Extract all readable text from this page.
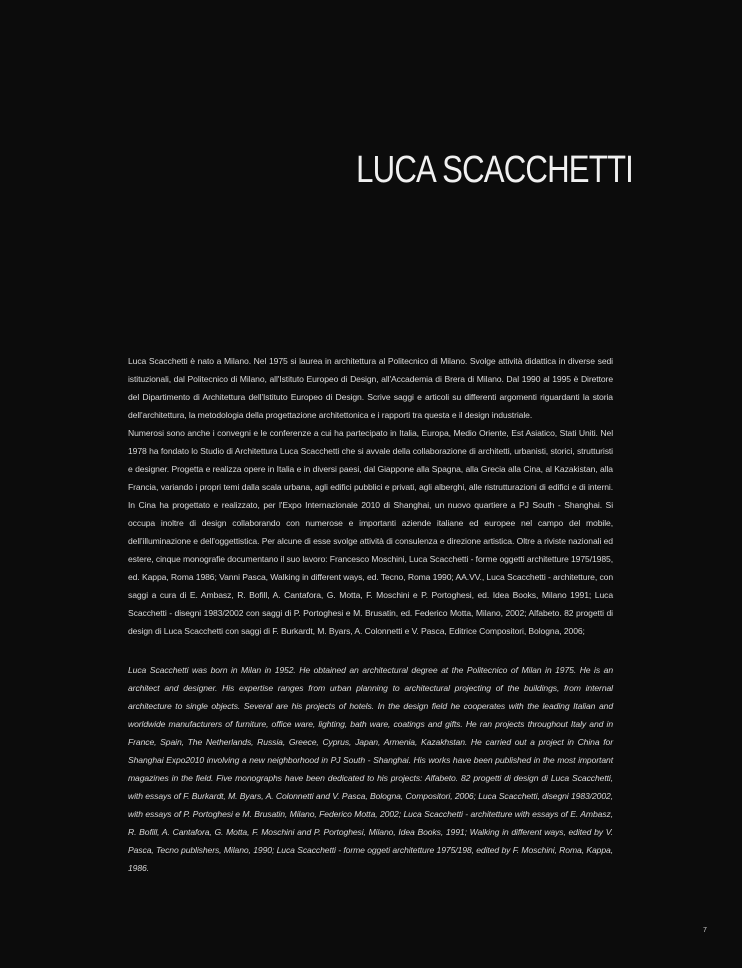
LUCA SCACCHETTI

Luca Scacchetti è nato a Milano. Nel 1975 si laurea in architettura al Politecnico di Milano. Svolge attività didattica in diverse sedi istituzionali, dal Politecnico di Milano, all'Istituto Europeo di Design, all'Accademia di Brera di Milano. Dal 1990 al 1995 è Direttore del Dipartimento di Architettura dell'Istituto Europeo di Design. Scrive saggi e articoli su differenti argomenti riguardanti la storia dell'architettura, la metodologia della progettazione architettonica e i rapporti tra questa e il design industriale.

Numerosi sono anche i convegni e le conferenze a cui ha partecipato in Italia, Europa, Medio Oriente, Est Asiatico, Stati Uniti. Nel 1978 ha fondato lo Studio di Architettura Luca Scacchetti che si avvale della collaborazione di architetti, urbanisti, storici, strutturisti e designer. Progetta e realizza opere in Italia e in diversi paesi, dal Giappone alla Spagna, alla Grecia alla Cina, al Kazakistan, alla Francia, variando i propri temi dalla scala urbana, agli edifici pubblici e privati, agli alberghi, alle ristrutturazioni di edifici e di interni. In Cina ha progettato e realizzato, per l'Expo Internazionale 2010 di Shanghai, un nuovo quartiere a PJ South - Shanghai. Si occupa inoltre di design collaborando con numerose e importanti aziende italiane ed europee nel campo del mobile, dell'illuminazione e dell'oggettistica. Per alcune di esse svolge attività di consulenza e direzione artistica. Oltre a riviste nazionali ed estere, cinque monografie documentano il suo lavoro: Francesco Moschini, Luca Scacchetti - forme oggetti architetture 1975/1985, ed. Kappa, Roma 1986; Vanni Pasca, Walking in different ways, ed. Tecno, Roma 1990; AA.VV., Luca Scacchetti - architetture, con saggi a cura di E. Ambasz, R. Bofill, A. Cantafora, G. Motta, F. Moschini e P. Portoghesi, ed. Idea Books, Milano 1991; Luca Scacchetti - disegni 1983/2002 con saggi di P. Portoghesi e M. Brusatin, ed. Federico Motta, Milano, 2002; Alfabeto. 82 progetti di design di Luca Scacchetti con saggi di F. Burkardt, M. Byars, A. Colonnetti e V. Pasca, Editrice Compositori, Bologna, 2006;

Luca Scacchetti was born in Milan in 1952. He obtained an architectural degree at the Politecnico of Milan in 1975. He is an architect and designer. His expertise ranges from urban planning to architectural projecting of the buildings, from internal architecture to single objects. Several are his projects of hotels. In the design field he cooperates with the leading Italian and worldwide manufacturers of furniture, office ware, lighting, bath ware, coatings and gifts. He ran projects throughout Italy and in France, Spain, The Netherlands, Russia, Greece, Cyprus, Japan, Armenia, Kazakhstan. He carried out a project in China for Shanghai Expo2010 involving a new neighborhood in PJ South - Shanghai. His works have been published in the most important magazines in the field. Five monographs have been dedicated to his projects: Alfabeto. 82 progetti di design di Luca Scacchetti, with essays of F. Burkardt, M. Byars, A. Colonnetti and V. Pasca, Bologna, Compositori, 2006; Luca Scacchetti, disegni 1983/2002, with essays of P. Portoghesi e M. Brusatin, Milano, Federico Motta, 2002; Luca Scacchetti - architetture with essays of E. Ambasz, R. Bofill, A. Cantafora, G. Motta, F. Moschini and P. Portoghesi, Milano, Idea Books, 1991; Walking in different ways, edited by V. Pasca, Tecno publishers, Milano, 1990; Luca Scacchetti - forme oggeti architetture 1975/198, edited by F. Moschini, Roma, Kappa, 1986.

7
